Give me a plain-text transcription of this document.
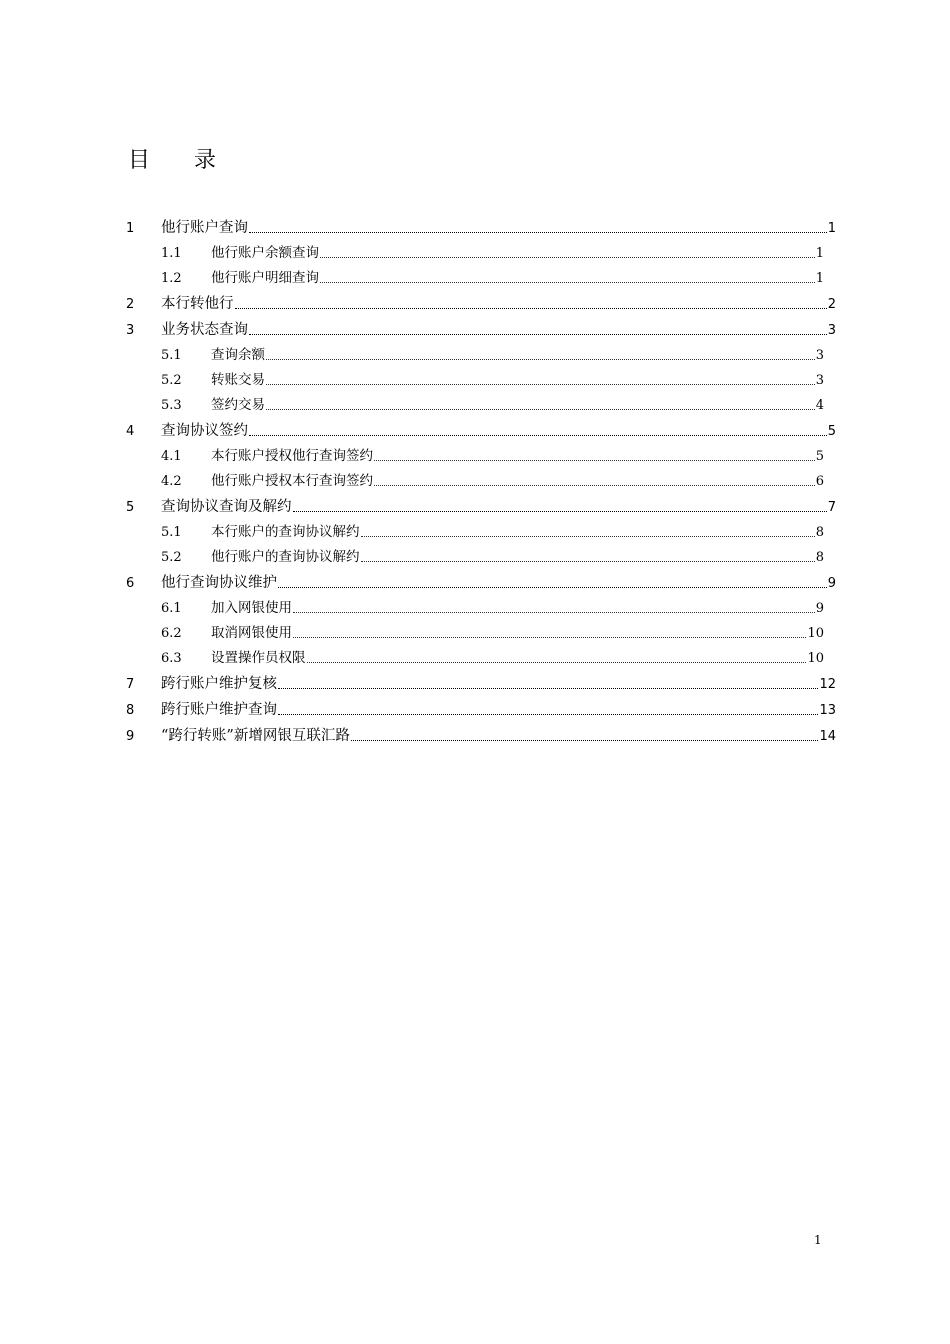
目　　录
1	他行账户查询	1
1.1	他行账户余额查询	1
1.2	他行账户明细查询	1
2	本行转他行	2
3	业务状态查询	3
5.1	查询余额	3
5.2	转账交易	3
5.3	签约交易	4
4	查询协议签约	5
4.1	本行账户授权他行查询签约	5
4.2	他行账户授权本行查询签约	6
5	查询协议查询及解约	7
5.1	本行账户的查询协议解约	8
5.2	他行账户的查询协议解约	8
6	他行查询协议维护	9
6.1	加入网银使用	9
6.2	取消网银使用	10
6.3	设置操作员权限	10
7	跨行账户维护复核	12
8	跨行账户维护查询	13
9	“跨行转账”新增网银互联汇路	14
1
